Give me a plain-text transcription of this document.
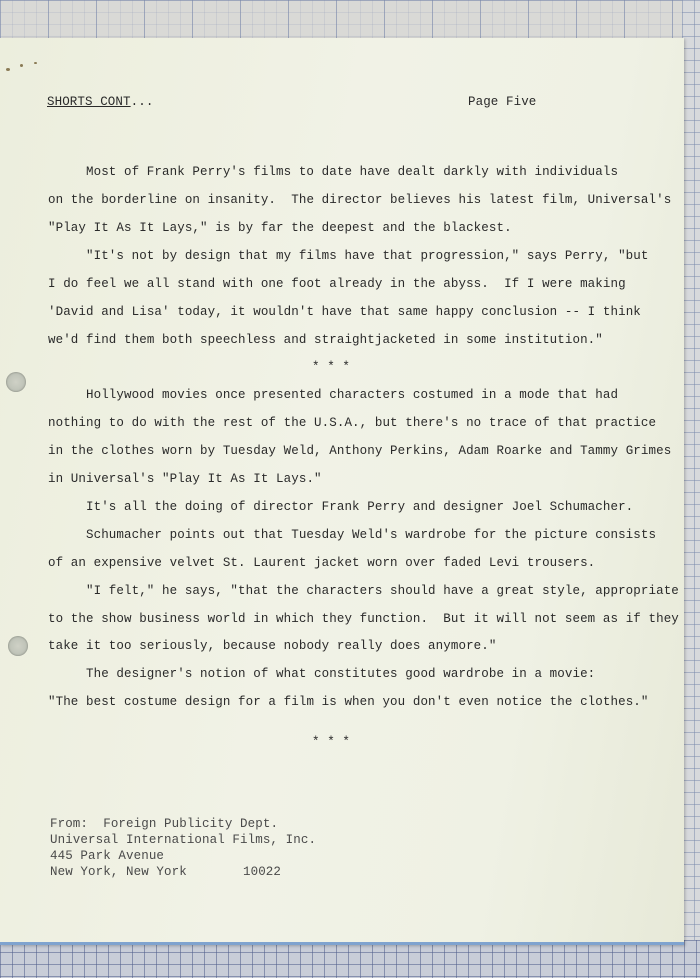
SHORTS CONT...	Page Five
Most of Frank Perry's films to date have dealt darkly with individuals
on the borderline on insanity.  The director believes his latest film, Universal's
"Play It As It Lays," is by far the deepest and the blackest.
"It's not by design that my films have that progression," says Perry, "but
I do feel we all stand with one foot already in the abyss.  If I were making
'David and Lisa' today, it wouldn't have that same happy conclusion -- I think
we'd find them both speechless and straightjacketed in some institution."
* * *
Hollywood movies once presented characters costumed in a mode that had
nothing to do with the rest of the U.S.A., but there's no trace of that practice
in the clothes worn by Tuesday Weld, Anthony Perkins, Adam Roarke and Tammy Grimes
in Universal's "Play It As It Lays."
It's all the doing of director Frank Perry and designer Joel Schumacher.
Schumacher points out that Tuesday Weld's wardrobe for the picture consists
of an expensive velvet St. Laurent jacket worn over faded Levi trousers.
"I felt," he says, "that the characters should have a great style, appropriate
to the show business world in which they function.  But it will not seem as if they
take it too seriously, because nobody really does anymore."
The designer's notion of what constitutes good wardrobe in a movie:
"The best costume design for a film is when you don't even notice the clothes."
* * *
From: Foreign Publicity Dept.
Universal International Films, Inc.
445 Park Avenue
New York, New York	10022
